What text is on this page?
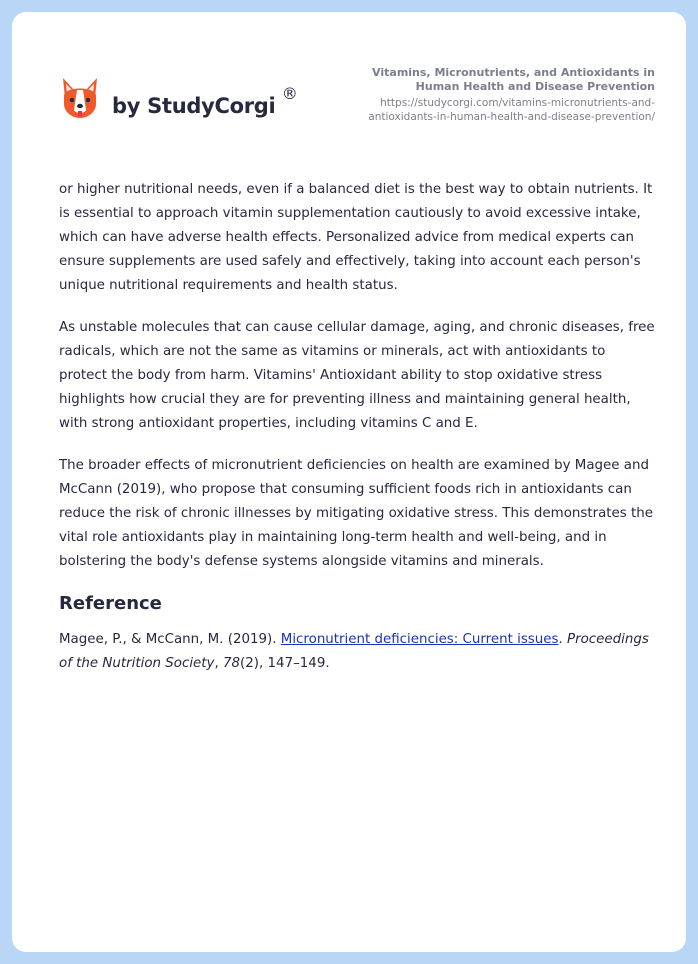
by StudyCorgi
®
Vitamins, Micronutrients, and Antioxidants in Human Health and Disease Prevention
https://studycorgi.com/vitamins-micronutrients-and-antioxidants-in-human-health-and-disease-prevention/

or higher nutritional needs, even if a balanced diet is the best way to obtain nutrients. It is essential to approach vitamin supplementation cautiously to avoid excessive intake, which can have adverse health effects. Personalized advice from medical experts can ensure supplements are used safely and effectively, taking into account each person's unique nutritional requirements and health status.

As unstable molecules that can cause cellular damage, aging, and chronic diseases, free radicals, which are not the same as vitamins or minerals, act with antioxidants to protect the body from harm. Vitamins' Antioxidant ability to stop oxidative stress highlights how crucial they are for preventing illness and maintaining general health, with strong antioxidant properties, including vitamins C and E.

The broader effects of micronutrient deficiencies on health are examined by Magee and McCann (2019), who propose that consuming sufficient foods rich in antioxidants can reduce the risk of chronic illnesses by mitigating oxidative stress. This demonstrates the vital role antioxidants play in maintaining long-term health and well-being, and in bolstering the body's defense systems alongside vitamins and minerals.

Reference

Magee, P., & McCann, M. (2019). Micronutrient deficiencies: Current issues. Proceedings of the Nutrition Society, 78(2), 147–149.
